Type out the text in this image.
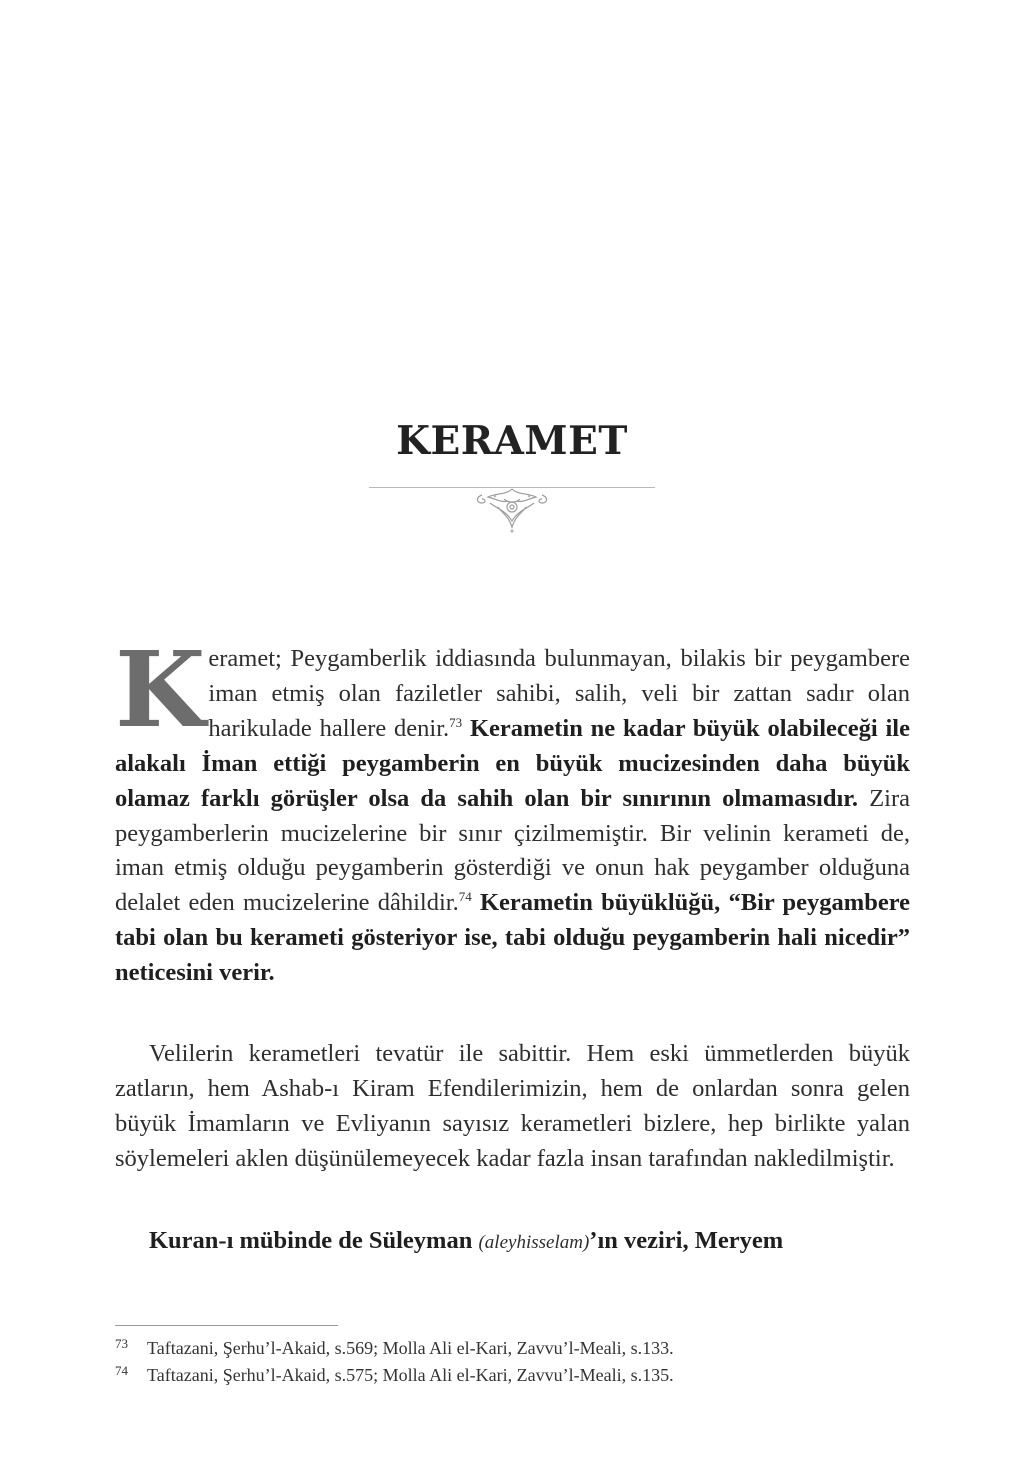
KERAMET
Keramet; Peygamberlik iddiasında bulunmayan, bilakis bir peygambere iman etmiş olan faziletler sahibi, salih, veli bir zattan sadır olan harikulade hallere denir.$^{73}$ Kerametin ne kadar büyük olabileceği ile alakalı İman ettiği peygamberin en büyük mucizesinden daha büyük olamaz farklı görüşler olsa da sahih olan bir sınırının olmamasıdır. Zira peygamberlerin mucizelerine bir sınır çizilmemiştir. Bir velinin kerameti de, iman etmiş olduğu peygamberin gösterdiği ve onun hak peygamber olduğuna delalet eden mucizelerine dâhildir.$^{74}$ Kerametin büyüklüğü, “Bir peygambere tabi olan bu kerameti gösteriyor ise, tabi olduğu peygamberin hali nicedir” neticesini verir.
Velilerin kerametleri tevatür ile sabittir. Hem eski ümmetlerden büyük zatların, hem Ashab-ı Kiram Efendilerimizin, hem de onlardan sonra gelen büyük İmamların ve Evliyanın sayısız kerametleri bizlere, hep birlikte yalan söylemeleri aklen düşünülemeyecek kadar fazla insan tarafından nakledilmiştir.
Kuran-ı mübinde de Süleyman (aleyhisselam)’ın veziri, Meryem
73 Taftazani, Şerhu’l-Akaid, s.569; Molla Ali el-Kari, Zavvu’l-Meali, s.133.
74 Taftazani, Şerhu’l-Akaid, s.575; Molla Ali el-Kari, Zavvu’l-Meali, s.135.
